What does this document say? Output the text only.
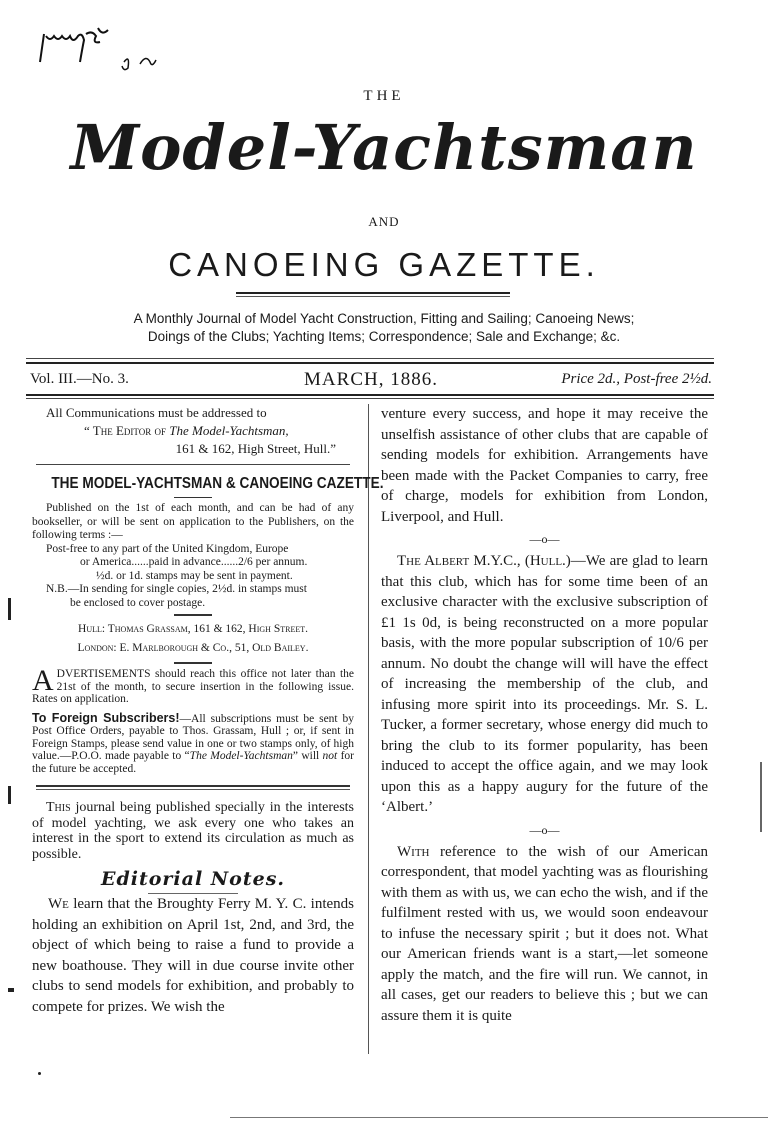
THE
Model-Yachtsman
AND
CANOEING GAZETTE.
A Monthly Journal of Model Yacht Construction, Fitting and Sailing; Canoeing News;
Doings of the Clubs; Yachting Items; Correspondence; Sale and Exchange; &c.
Vol. III.—No. 3.	MARCH, 1886.	Price 2d., Post-free 2½d.
All Communications must be addressed to
“ The Editor of The Model-Yachtsman,
161 & 162, High Street, Hull.”
THE MODEL-YACHTSMAN & CANOEING CAZETTE.
Published on the 1st of each month, and can be had of any bookseller, or will be sent on application to the Publishers, on the following terms :—
Post-free to any part of the United Kingdom, Europe
or America......paid in advance......2/6 per annum.
½d. or 1d. stamps may be sent in payment.
N.B.—In sending for single copies, 2½d. in stamps must
be enclosed to cover postage.
Hull: Thomas Grassam, 161 & 162, High Street.
London: E. Marlborough & Co., 51, Old Bailey.
ADVERTISEMENTS should reach this office not later than the 21st of the month, to secure insertion in the following issue. Rates on application.
To Foreign Subscribers!—All subscriptions must be sent by Post Office Orders, payable to Thos. Grassam, Hull ; or, if sent in Foreign Stamps, please send value in one or two stamps only, of high value.—P.O.O. made payable to “The Model-Yachtsman” will not for the future be accepted.
This journal being published specially in the interests of model yachting, we ask every one who takes an interest in the sport to extend its circulation as much as possible.
Editorial Notes.

We learn that the Broughty Ferry M. Y. C. intends holding an exhibition on April 1st, 2nd, and 3rd, the object of which being to raise a fund to provide a new boathouse. They will in due course invite other clubs to send models for exhibition, and probably to compete for prizes. We wish the

venture every success, and hope it may receive the unselfish assistance of other clubs that are capable of sending models for exhibition. Arrangements have been made with the Packet Companies to carry, free of charge, models for exhibition from London, Liverpool, and Hull.

—o—

The Albert M.Y.C., (Hull.)—We are glad to learn that this club, which has for some time been of an exclusive character with the exclusive subscription of £1 1s 0d, is being reconstructed on a more popular basis, with the more popular subscription of 10/6 per annum. No doubt the change will will have the effect of increasing the membership of the club, and infusing more spirit into its proceedings. Mr. S. L. Tucker, a former secretary, whose energy did much to bring the club to its former popularity, has been induced to accept the office again, and we may look upon this as a happy augury for the future of the ‘Albert.’

—o—

With reference to the wish of our American correspondent, that model yachting was as flourishing with them as with us, we can echo the wish, and if the fulfilment rested with us, we would soon endeavour to infuse the necessary spirit ; but it does not. What our American friends want is a start,—let someone apply the match, and the fire will run. We cannot, in all cases, get our readers to believe this ; but we can assure them it is quite
